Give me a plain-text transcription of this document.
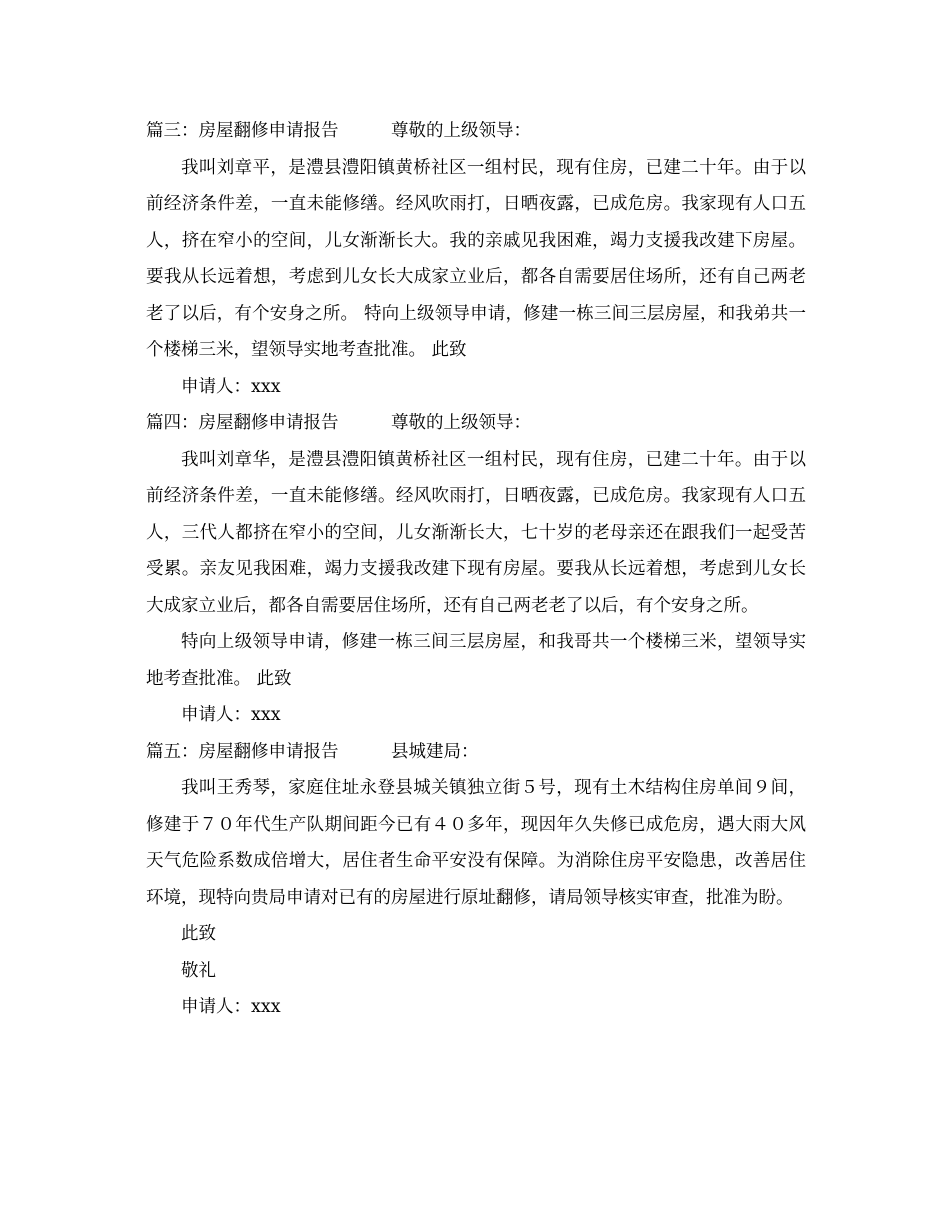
篇三：房屋翻修申请报告　　　尊敬的上级领导：
我叫刘章平，是澧县澧阳镇黄桥社区一组村民，现有住房，已建二十年。由于以前经济条件差，一直未能修缮。经风吹雨打，日晒夜露，已成危房。我家现有人口五人，挤在窄小的空间，儿女渐渐长大。我的亲戚见我困难，竭力支援我改建下房屋。要我从长远着想，考虑到儿女长大成家立业后，都各自需要居住场所，还有自己两老老了以后，有个安身之所。 特向上级领导申请，修建一栋三间三层房屋，和我弟共一个楼梯三米，望领导实地考查批准。 此致
申请人：xxx
篇四：房屋翻修申请报告　　　尊敬的上级领导：
我叫刘章华，是澧县澧阳镇黄桥社区一组村民，现有住房，已建二十年。由于以前经济条件差，一直未能修缮。经风吹雨打，日晒夜露，已成危房。我家现有人口五人，三代人都挤在窄小的空间，儿女渐渐长大，七十岁的老母亲还在跟我们一起受苦受累。亲友见我困难，竭力支援我改建下现有房屋。要我从长远着想，考虑到儿女长大成家立业后，都各自需要居住场所，还有自己两老老了以后，有个安身之所。
特向上级领导申请，修建一栋三间三层房屋，和我哥共一个楼梯三米，望领导实地考查批准。 此致
申请人：xxx
篇五：房屋翻修申请报告　　　县城建局：
我叫王秀琴，家庭住址永登县城关镇独立街５号，现有土木结构住房单间９间，修建于７０年代生产队期间距今已有４０多年，现因年久失修已成危房，遇大雨大风天气危险系数成倍增大，居住者生命平安没有保障。为消除住房平安隐患，改善居住环境，现特向贵局申请对已有的房屋进行原址翻修，请局领导核实审查，批准为盼。
此致
敬礼
申请人：xxx
